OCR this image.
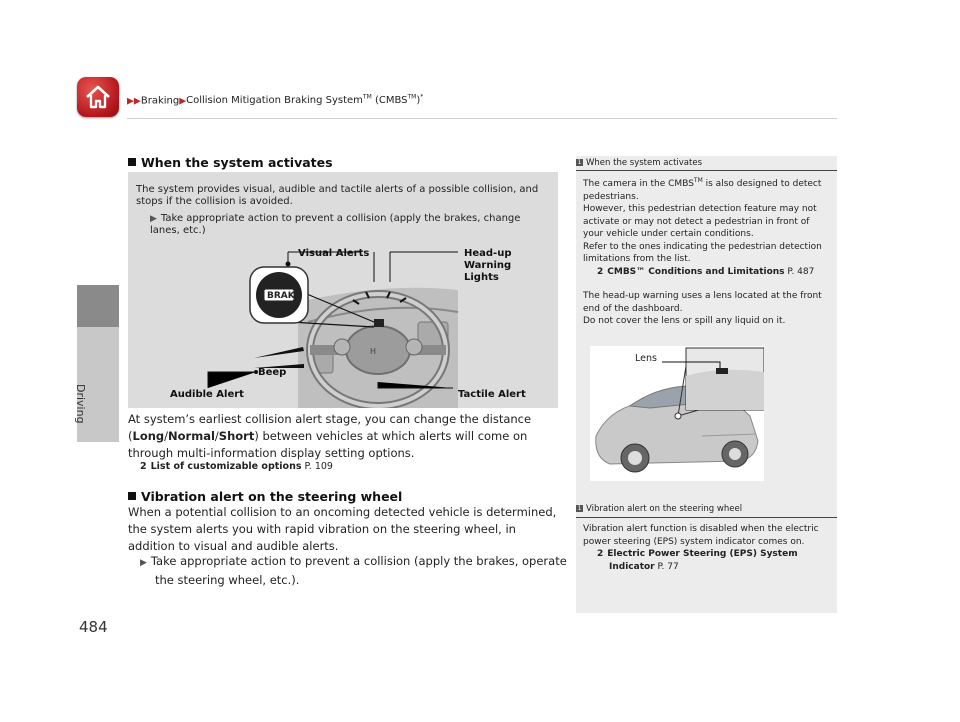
▶▶Braking▶Collision Mitigation Braking System™ (CMBS™)*
Driving
When the system activates
The system provides visual, audible and tactile alerts of a possible collision, and stops if the collision is avoided.
▶ Take appropriate action to prevent a collision (apply the brakes, change lanes, etc.)
H
Visual Alerts	Head-up
Warning
Lights
BRAKE
Beep
Audible Alert	Tactile Alert
At system’s earliest collision alert stage, you can change the distance (Long/Normal/Short) between vehicles at which alerts will come on through multi-information display setting options.
2 List of customizable options P. 109
Vibration alert on the steering wheel
When a potential collision to an oncoming detected vehicle is determined, the system alerts you with rapid vibration on the steering wheel, in addition to visual and audible alerts.
▶ Take appropriate action to prevent a collision (apply the brakes, operate the steering wheel, etc.).
484
1 When the system activates
The camera in the CMBS™ is also designed to detect pedestrians.
However, this pedestrian detection feature may not activate or may not detect a pedestrian in front of your vehicle under certain conditions.
Refer to the ones indicating the pedestrian detection limitations from the list.
2 CMBS™ Conditions and Limitations P. 487
The head-up warning uses a lens located at the front end of the dashboard.
Do not cover the lens or spill any liquid on it.
Lens
1 Vibration alert on the steering wheel
Vibration alert function is disabled when the electric power steering (EPS) system indicator comes on.
2 Electric Power Steering (EPS) System
Indicator P. 77
